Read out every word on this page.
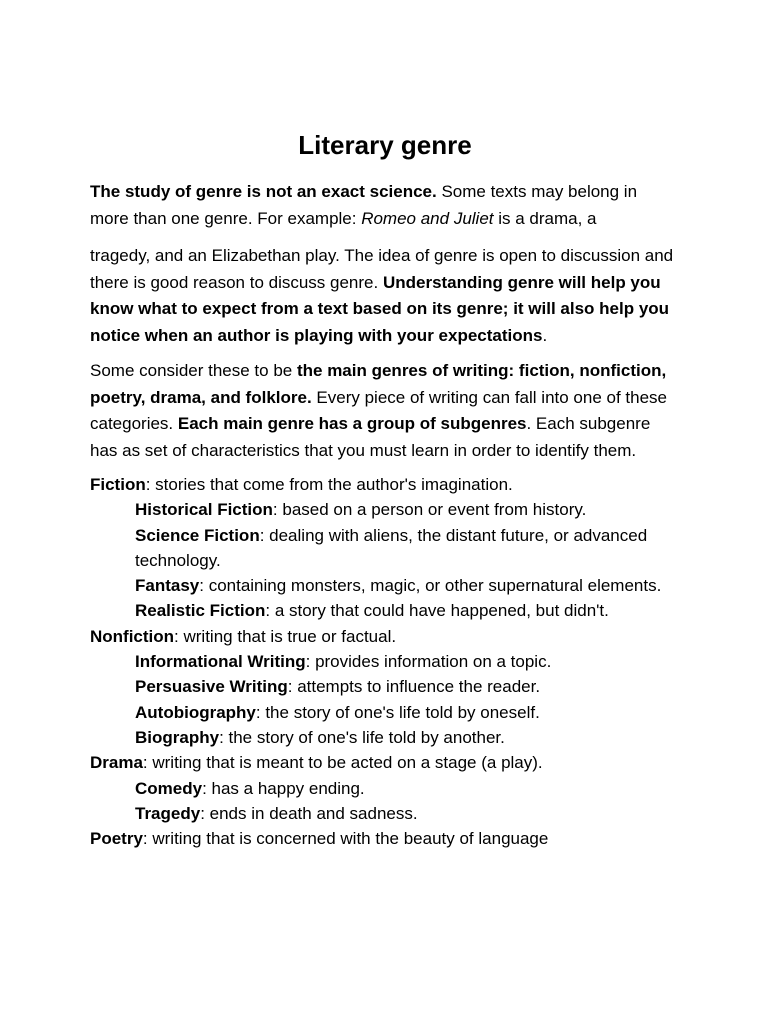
Literary genre

The study of genre is not an exact science. Some texts may belong in more than one genre. For example: Romeo and Juliet is a drama, a

tragedy, and an Elizabethan play. The idea of genre is open to discussion and there is good reason to discuss genre. Understanding genre will help you know what to expect from a text based on its genre; it will also help you notice when an author is playing with your expectations.

Some consider these to be the main genres of writing: fiction, nonfiction, poetry, drama, and folklore. Every piece of writing can fall into one of these categories. Each main genre has a group of subgenres. Each subgenre has as set of characteristics that you must learn in order to identify them.

Fiction: stories that come from the author's imagination.
Historical Fiction: based on a person or event from history.
Science Fiction: dealing with aliens, the distant future, or advanced technology.
Fantasy: containing monsters, magic, or other supernatural elements.
Realistic Fiction: a story that could have happened, but didn't.
Nonfiction: writing that is true or factual.
Informational Writing: provides information on a topic.
Persuasive Writing: attempts to influence the reader.
Autobiography: the story of one's life told by oneself.
Biography: the story of one's life told by another.
Drama: writing that is meant to be acted on a stage (a play).
Comedy: has a happy ending.
Tragedy: ends in death and sadness.
Poetry: writing that is concerned with the beauty of language
